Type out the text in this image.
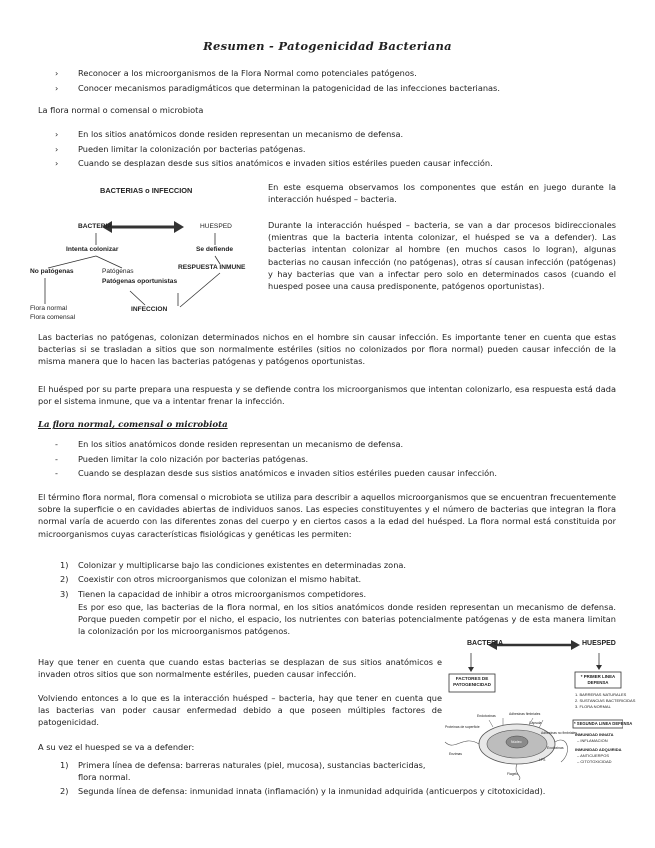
Resumen - Patogenicidad Bacteriana
› Reconocer a los microorganismos de la Flora Normal como potenciales patógenos.
› Conocer mecanismos paradigmáticos que determinan la patogenicidad de las infecciones bacterianas.
La flora normal o comensal o microbiota
› En los sitios anatómicos donde residen representan un mecanismo de defensa.
› Pueden limitar la colonización por bacterias patógenas.
› Cuando se desplazan desde sus sitios anatómicos e invaden sitios estériles pueden causar infección.
BACTERIAS o INFECCION
BACTERIA	HUESPED
Intenta colonizar	Se defiende
No patógenas	Patógenas
Patógenas oportunistas
RESPUESTA INMUNE
Flora normal
Flora comensal
INFECCION
En este esquema observamos los componentes que están en juego durante la interacción huésped – bacteria.
Durante la interacción huésped – bacteria, se van a dar procesos bidireccionales (mientras que la bacteria intenta colonizar, el huésped se va a defender). Las bacterias intentan colonizar al hombre (en muchos casos lo logran), algunas bacterias no causan infección (no patógenas), otras sí causan infección (patógenas) y hay bacterias que van a infectar pero solo en determinados casos (cuando el huesped posee una causa predisponente, patógenos oportunistas).
Las bacterias no patógenas, colonizan determinados nichos en el hombre sin causar infección. Es importante tener en cuenta que estas bacterias si se trasladan a sitios que son normalmente estériles (sitios no colonizados por flora normal) pueden causar infección de la misma manera que lo hacen las bacterias patógenas y patógenos oportunistas.
El huésped por su parte prepara una respuesta y se defiende contra los microorganismos que intentan colonizarlo, esa respuesta está dada por el sistema inmune, que va a intentar frenar la infección.
La flora normal, comensal o microbiota
- En los sitios anatómicos donde residen representan un mecanismo de defensa.
- Pueden limitar la colo nización por bacterias patógenas.
- Cuando se desplazan desde sus sistios anatómicos e invaden sitios estériles pueden causar infección.
El término flora normal, flora comensal o microbiota se utiliza para describir a aquellos microorganismos que se encuentran frecuentemente sobre la superficie o en cavidades abiertas de individuos sanos. Las especies constituyentes y el número de bacterias que integran la flora normal varía de acuerdo con las diferentes zonas del cuerpo y en ciertos casos a la edad del huésped. La flora normal está constituida por microorganismos cuyas características fisiológicas y genéticas les permiten:
1) Colonizar y multiplicarse bajo las condiciones existentes en determinadas zona.
2) Coexistir con otros microorganismos que colonizan el mismo habitat.
3) Tienen la capacidad de inhibir a otros microorganismos competidores.
Es por eso que, las bacterias de la flora normal, en los sitios anatómicos donde residen representan un mecanismo de defensa. Porque pueden competir por el nicho, el espacio, los nutrientes con baterias potencialmente patógenas y de esta manera limitan la colonización por los microorganismos patógenos.
Hay que tener en cuenta que cuando estas bacterias se desplazan de sus sitios anatómicos e invaden otros sitios que son normalmente estériles, pueden causar infección.
Volviendo entonces a lo que es la interacción huésped – bacteria, hay que tener en cuenta que las bacterias van poder causar enfermedad debido a que poseen múltiples factores de patogenicidad.
A su vez el huesped se va a defender:
1) Primera línea de defensa: barreras naturales (piel, mucosa), sustancias bactericidas, flora normal.
2) Segunda línea de defensa: inmunidad innata (inflamación) y la inmunidad adquirida (anticuerpos y citotoxicidad).
BACTERIA	HUESPED
FACTORES DE PATOGENICIDAD
* PRIMER LINEA DEFENSA
1. BARRERAS NATURALES
2. SUSTANCIAS BACTERICIDAS
3. FLORA NORMAL
* SEGUNDA LINEA DEFENSA
INMUNIDAD INNATA
– INFLAMACION
INMUNIDAD ADQUIRIDA
– ANTICUERPOS
– CITOTOXICIDAD
Endotoxinas	Adhesinas fimbriales
Cápsula
Proteínas de superficie
Adhesinas no fimbriales
Exotoxinas
LPS
Flagelo
Enzimas
Núcleo
